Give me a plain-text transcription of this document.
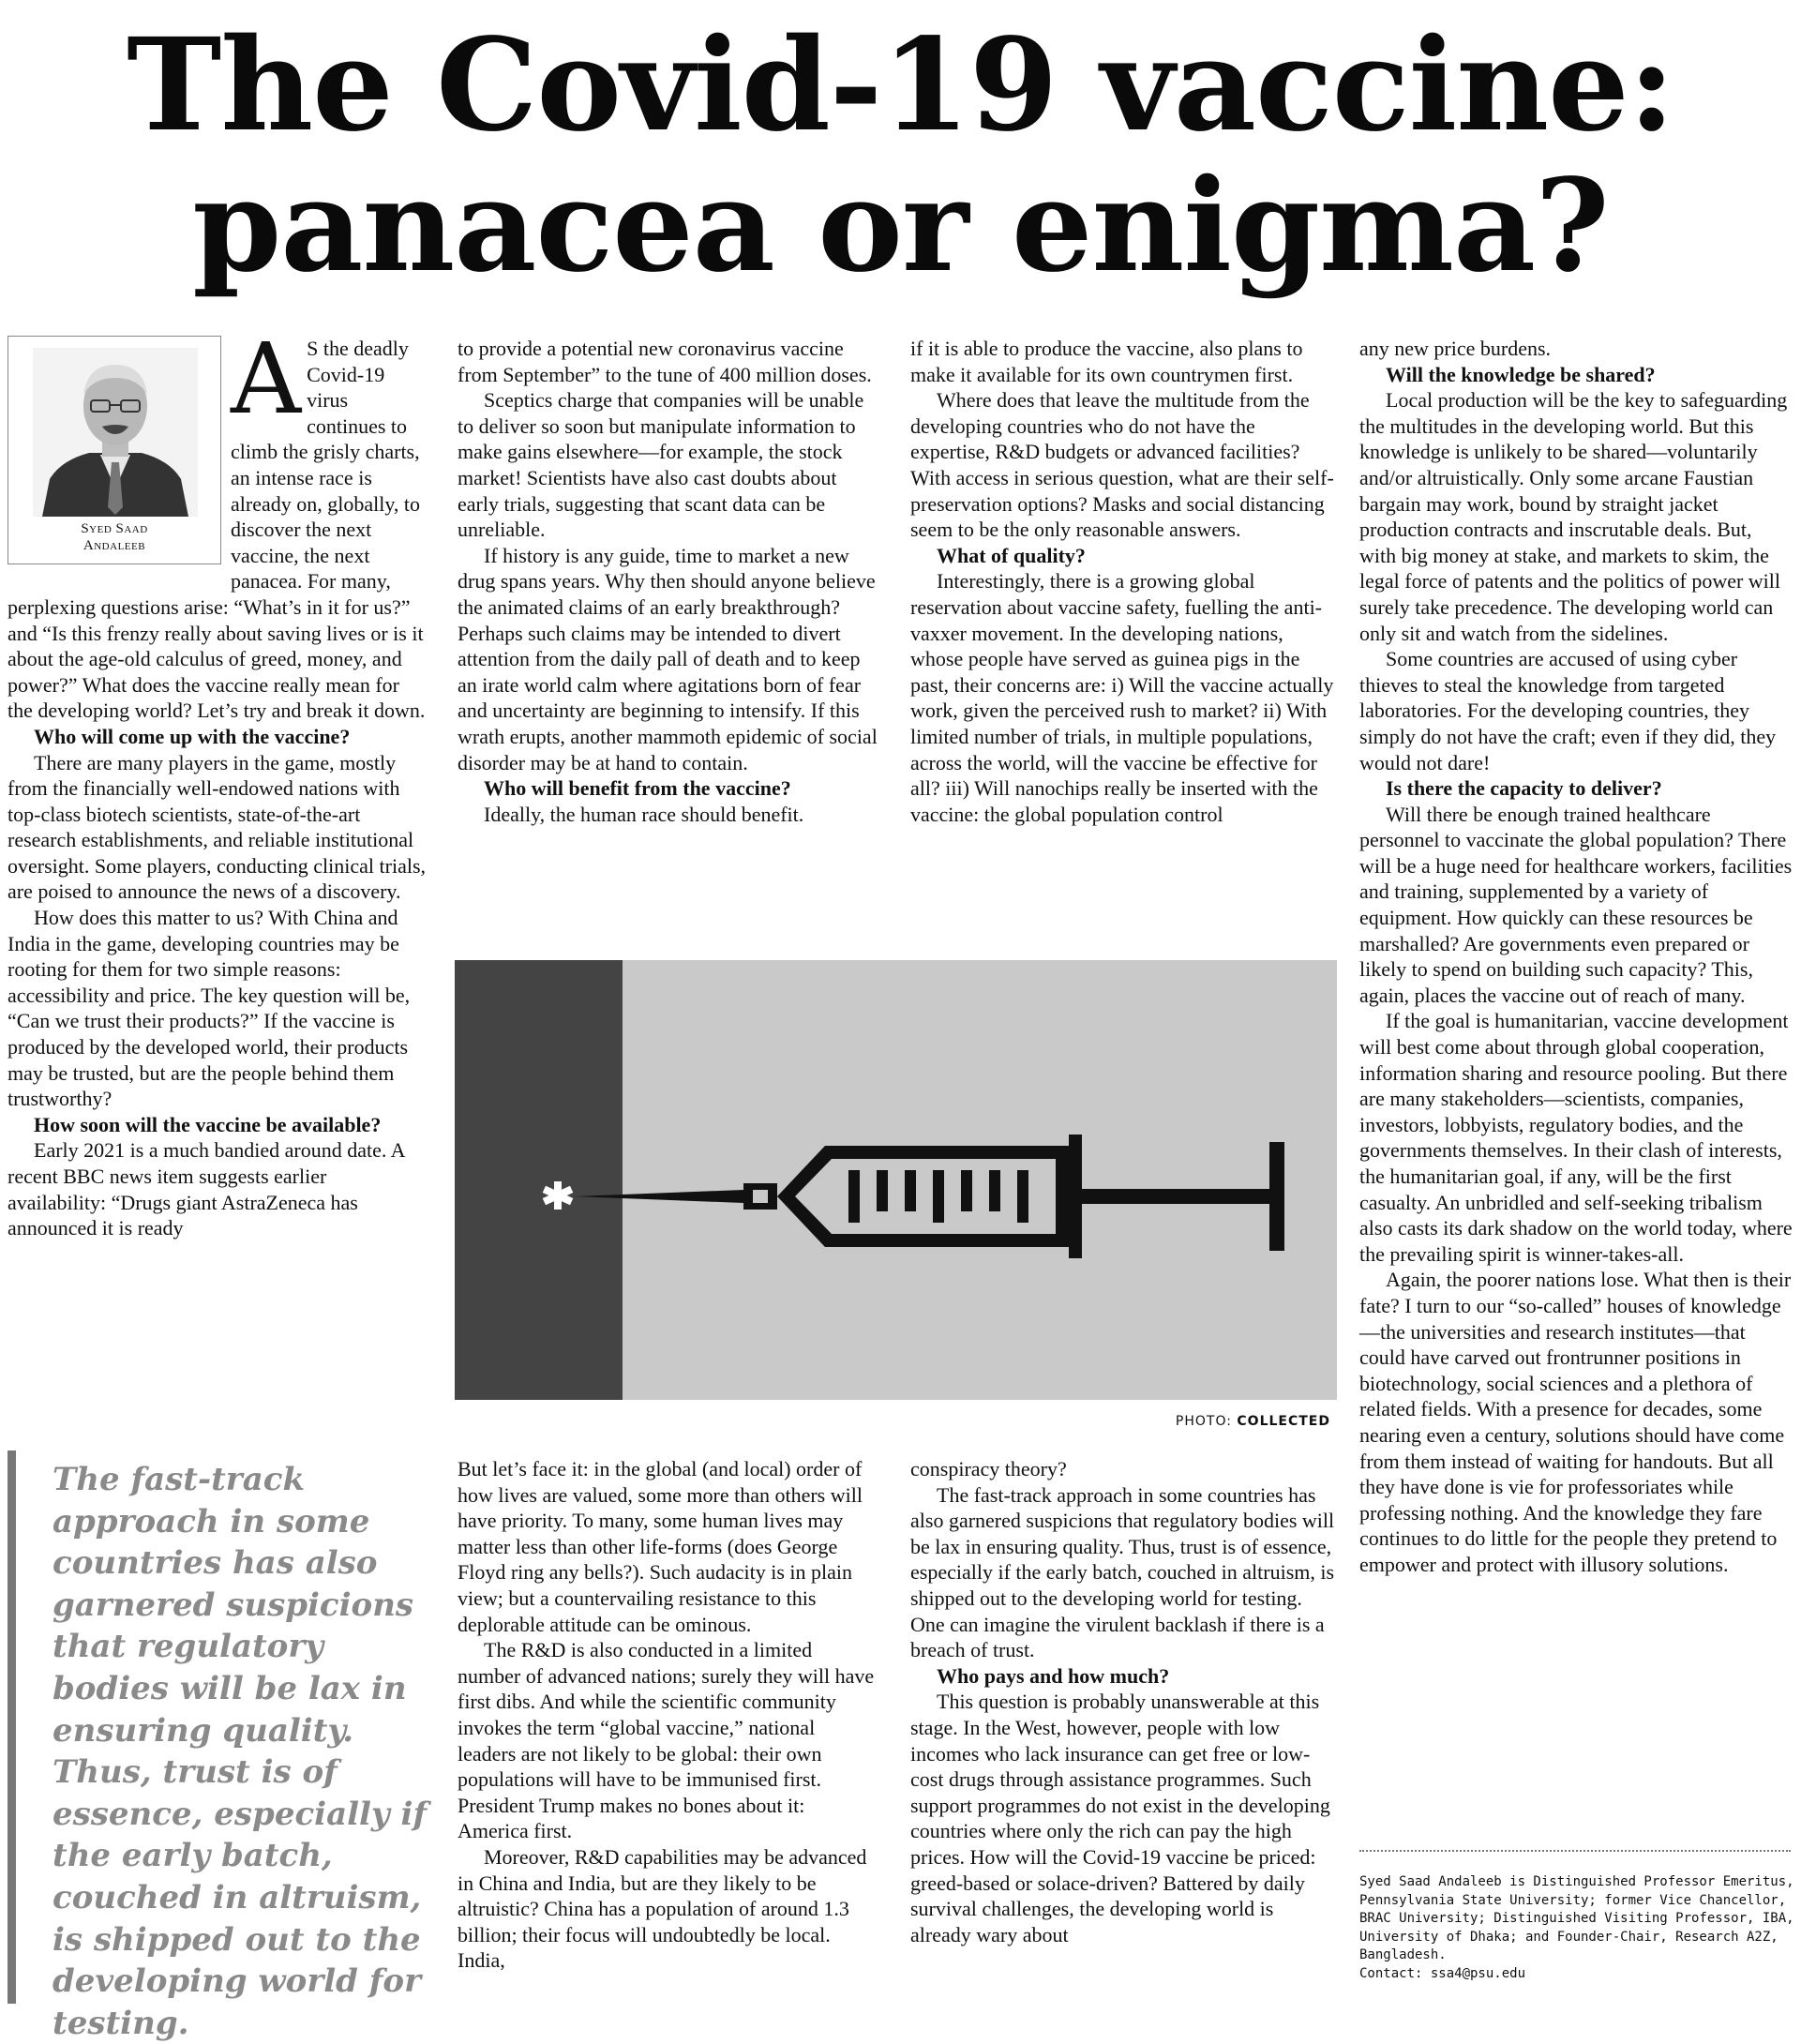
The Covid-19 vaccine:
panacea or enigma?
Syed Saad
Andaleeb
A S the deadly Covid-19 virus continues to climb the grisly charts, an intense race is already on, globally, to discover the next vaccine, the next panacea. For many, perplexing questions arise: “What’s in it for us?” and “Is this frenzy really about saving lives or is it about the age-old calculus of greed, money, and power?” What does the vaccine really mean for the developing world? Let’s try and break it down.

Who will come up with the vaccine?

There are many players in the game, mostly from the financially well-endowed nations with top-class biotech scientists, state-of-the-art research establishments, and reliable institutional oversight. Some players, conducting clinical trials, are poised to announce the news of a discovery.

How does this matter to us? With China and India in the game, developing countries may be rooting for them for two simple reasons: accessibility and price. The key question will be, “Can we trust their products?” If the vaccine is produced by the developed world, their products may be trusted, but are the people behind them trustworthy?

How soon will the vaccine be available?

Early 2021 is a much bandied around date. A recent BBC news item suggests earlier availability: “Drugs giant AstraZeneca has announced it is ready

to provide a potential new coronavirus vaccine from September” to the tune of 400 million doses.

Sceptics charge that companies will be unable to deliver so soon but manipulate information to make gains elsewhere—for example, the stock market! Scientists have also cast doubts about early trials, suggesting that scant data can be unreliable.

If history is any guide, time to market a new drug spans years. Why then should anyone believe the animated claims of an early breakthrough? Perhaps such claims may be intended to divert attention from the daily pall of death and to keep an irate world calm where agitations born of fear and uncertainty are beginning to intensify. If this wrath erupts, another mammoth epidemic of social disorder may be at hand to contain.

Who will benefit from the vaccine?

Ideally, the human race should benefit.

if it is able to produce the vaccine, also plans to make it available for its own countrymen first.

Where does that leave the multitude from the developing countries who do not have the expertise, R&D budgets or advanced facilities? With access in serious question, what are their self-preservation options? Masks and social distancing seem to be the only reasonable answers.

What of quality?

Interestingly, there is a growing global reservation about vaccine safety, fuelling the anti-vaxxer movement. In the developing nations, whose people have served as guinea pigs in the past, their concerns are: i) Will the vaccine actually work, given the perceived rush to market? ii) With limited number of trials, in multiple populations, across the world, will the vaccine be effective for all? iii) Will nanochips really be inserted with the vaccine: the global population control

PHOTO: COLLECTED
The fast-track approach in some countries has also garnered suspicions that regulatory bodies will be lax in ensuring quality. Thus, trust is of essence, especially if the early batch, couched in altruism, is shipped out to the developing world for testing.

But let’s face it: in the global (and local) order of how lives are valued, some more than others will have priority. To many, some human lives may matter less than other life-forms (does George Floyd ring any bells?). Such audacity is in plain view; but a countervailing resistance to this deplorable attitude can be ominous.

The R&D is also conducted in a limited number of advanced nations; surely they will have first dibs. And while the scientific community invokes the term “global vaccine,” national leaders are not likely to be global: their own populations will have to be immunised first. President Trump makes no bones about it: America first.

Moreover, R&D capabilities may be advanced in China and India, but are they likely to be altruistic? China has a population of around 1.3 billion; their focus will undoubtedly be local. India,

conspiracy theory?

The fast-track approach in some countries has also garnered suspicions that regulatory bodies will be lax in ensuring quality. Thus, trust is of essence, especially if the early batch, couched in altruism, is shipped out to the developing world for testing. One can imagine the virulent backlash if there is a breach of trust.

Who pays and how much?

This question is probably unanswerable at this stage. In the West, however, people with low incomes who lack insurance can get free or low-cost drugs through assistance programmes. Such support programmes do not exist in the developing countries where only the rich can pay the high prices. How will the Covid-19 vaccine be priced: greed-based or solace-driven? Battered by daily survival challenges, the developing world is already wary about

any new price burdens.

Will the knowledge be shared?

Local production will be the key to safeguarding the multitudes in the developing world. But this knowledge is unlikely to be shared—voluntarily and/or altruistically. Only some arcane Faustian bargain may work, bound by straight jacket production contracts and inscrutable deals. But, with big money at stake, and markets to skim, the legal force of patents and the politics of power will surely take precedence. The developing world can only sit and watch from the sidelines.

Some countries are accused of using cyber thieves to steal the knowledge from targeted laboratories. For the developing countries, they simply do not have the craft; even if they did, they would not dare!

Is there the capacity to deliver?

Will there be enough trained healthcare personnel to vaccinate the global population? There will be a huge need for healthcare workers, facilities and training, supplemented by a variety of equipment. How quickly can these resources be marshalled? Are governments even prepared or likely to spend on building such capacity? This, again, places the vaccine out of reach of many.

If the goal is humanitarian, vaccine development will best come about through global cooperation, information sharing and resource pooling. But there are many stakeholders—scientists, companies, investors, lobbyists, regulatory bodies, and the governments themselves. In their clash of interests, the humanitarian goal, if any, will be the first casualty. An unbridled and self-seeking tribalism also casts its dark shadow on the world today, where the prevailing spirit is winner-takes-all.

Again, the poorer nations lose. What then is their fate? I turn to our “so-called” houses of knowledge—the universities and research institutes—that could have carved out frontrunner positions in biotechnology, social sciences and a plethora of related fields. With a presence for decades, some nearing even a century, solutions should have come from them instead of waiting for handouts. But all they have done is vie for professoriates while professing nothing. And the knowledge they fare continues to do little for the people they pretend to empower and protect with illusory solutions.

Syed Saad Andaleeb is Distinguished Professor Emeritus, Pennsylvania State University; former Vice Chancellor, BRAC University; Distinguished Visiting Professor, IBA, University of Dhaka; and Founder-Chair, Research A2Z, Bangladesh.

Contact: ssa4@psu.edu
